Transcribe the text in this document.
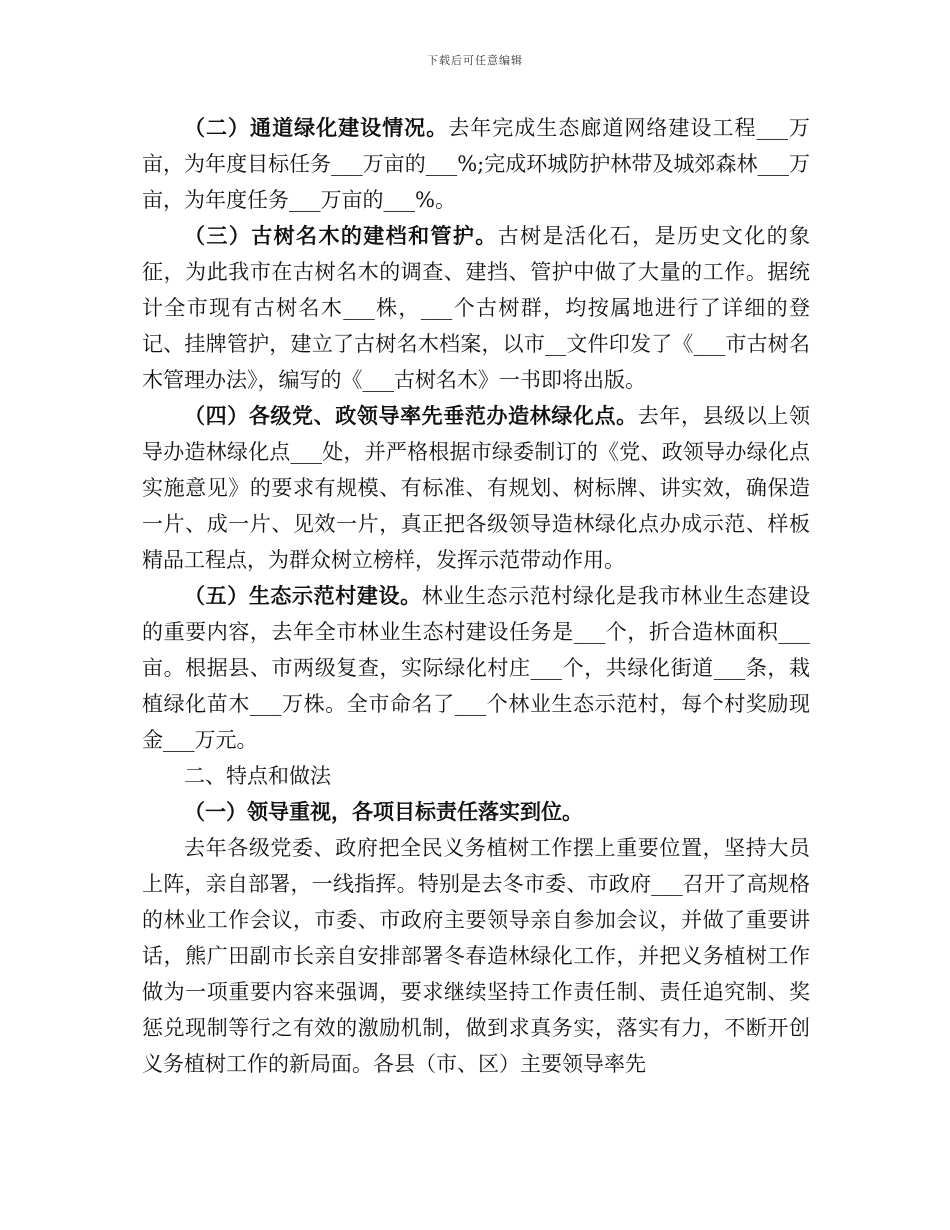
下载后可任意编辑

（二）通道绿化建设情况。去年完成生态廊道网络建设工程___万亩，为年度目标任务___万亩的___%;完成环城防护林带及城郊森林___万亩，为年度任务___万亩的___%。

（三）古树名木的建档和管护。古树是活化石，是历史文化的象征，为此我市在古树名木的调查、建挡、管护中做了大量的工作。据统计全市现有古树名木___株，___个古树群，均按属地进行了详细的登记、挂牌管护，建立了古树名木档案，以市__文件印发了《___市古树名木管理办法》，编写的《___古树名木》一书即将出版。

（四）各级党、政领导率先垂范办造林绿化点。去年，县级以上领导办造林绿化点___处，并严格根据市绿委制订的《党、政领导办绿化点实施意见》的要求有规模、有标准、有规划、树标牌、讲实效，确保造一片、成一片、见效一片，真正把各级领导造林绿化点办成示范、样板精品工程点，为群众树立榜样，发挥示范带动作用。

（五）生态示范村建设。林业生态示范村绿化是我市林业生态建设的重要内容，去年全市林业生态村建设任务是___个，折合造林面积___亩。根据县、市两级复查，实际绿化村庄___个，共绿化街道___条，栽植绿化苗木___万株。全市命名了___个林业生态示范村，每个村奖励现金___万元。

二、特点和做法

（一）领导重视，各项目标责任落实到位。

去年各级党委、政府把全民义务植树工作摆上重要位置，坚持大员上阵，亲自部署，一线指挥。特别是去冬市委、市政府___召开了高规格的林业工作会议，市委、市政府主要领导亲自参加会议，并做了重要讲话，熊广田副市长亲自安排部署冬春造林绿化工作，并把义务植树工作做为一项重要内容来强调，要求继续坚持工作责任制、责任追究制、奖惩兑现制等行之有效的激励机制，做到求真务实，落实有力，不断开创义务植树工作的新局面。各县（市、区）主要领导率先
